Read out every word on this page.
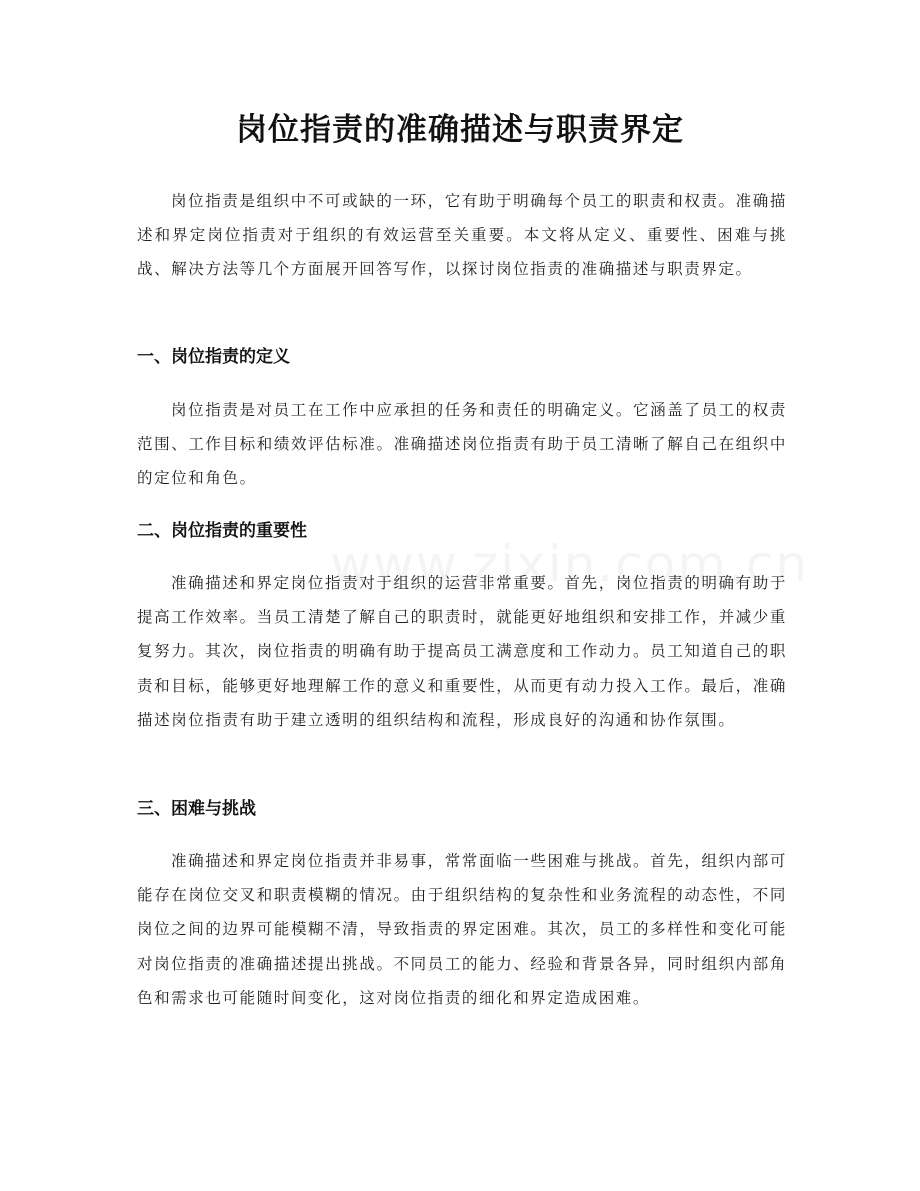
岗位指责的准确描述与职责界定

岗位指责是组织中不可或缺的一环，它有助于明确每个员工的职责和权责。准确描述和界定岗位指责对于组织的有效运营至关重要。本文将从定义、重要性、困难与挑战、解决方法等几个方面展开回答写作，以探讨岗位指责的准确描述与职责界定。

一、岗位指责的定义

岗位指责是对员工在工作中应承担的任务和责任的明确定义。它涵盖了员工的权责范围、工作目标和绩效评估标准。准确描述岗位指责有助于员工清晰了解自己在组织中的定位和角色。

二、岗位指责的重要性

准确描述和界定岗位指责对于组织的运营非常重要。首先，岗位指责的明确有助于提高工作效率。当员工清楚了解自己的职责时，就能更好地组织和安排工作，并减少重复努力。其次，岗位指责的明确有助于提高员工满意度和工作动力。员工知道自己的职责和目标，能够更好地理解工作的意义和重要性，从而更有动力投入工作。最后，准确描述岗位指责有助于建立透明的组织结构和流程，形成良好的沟通和协作氛围。

三、困难与挑战

准确描述和界定岗位指责并非易事，常常面临一些困难与挑战。首先，组织内部可能存在岗位交叉和职责模糊的情况。由于组织结构的复杂性和业务流程的动态性，不同岗位之间的边界可能模糊不清，导致指责的界定困难。其次，员工的多样性和变化可能对岗位指责的准确描述提出挑战。不同员工的能力、经验和背景各异，同时组织内部角色和需求也可能随时间变化，这对岗位指责的细化和界定造成困难。
